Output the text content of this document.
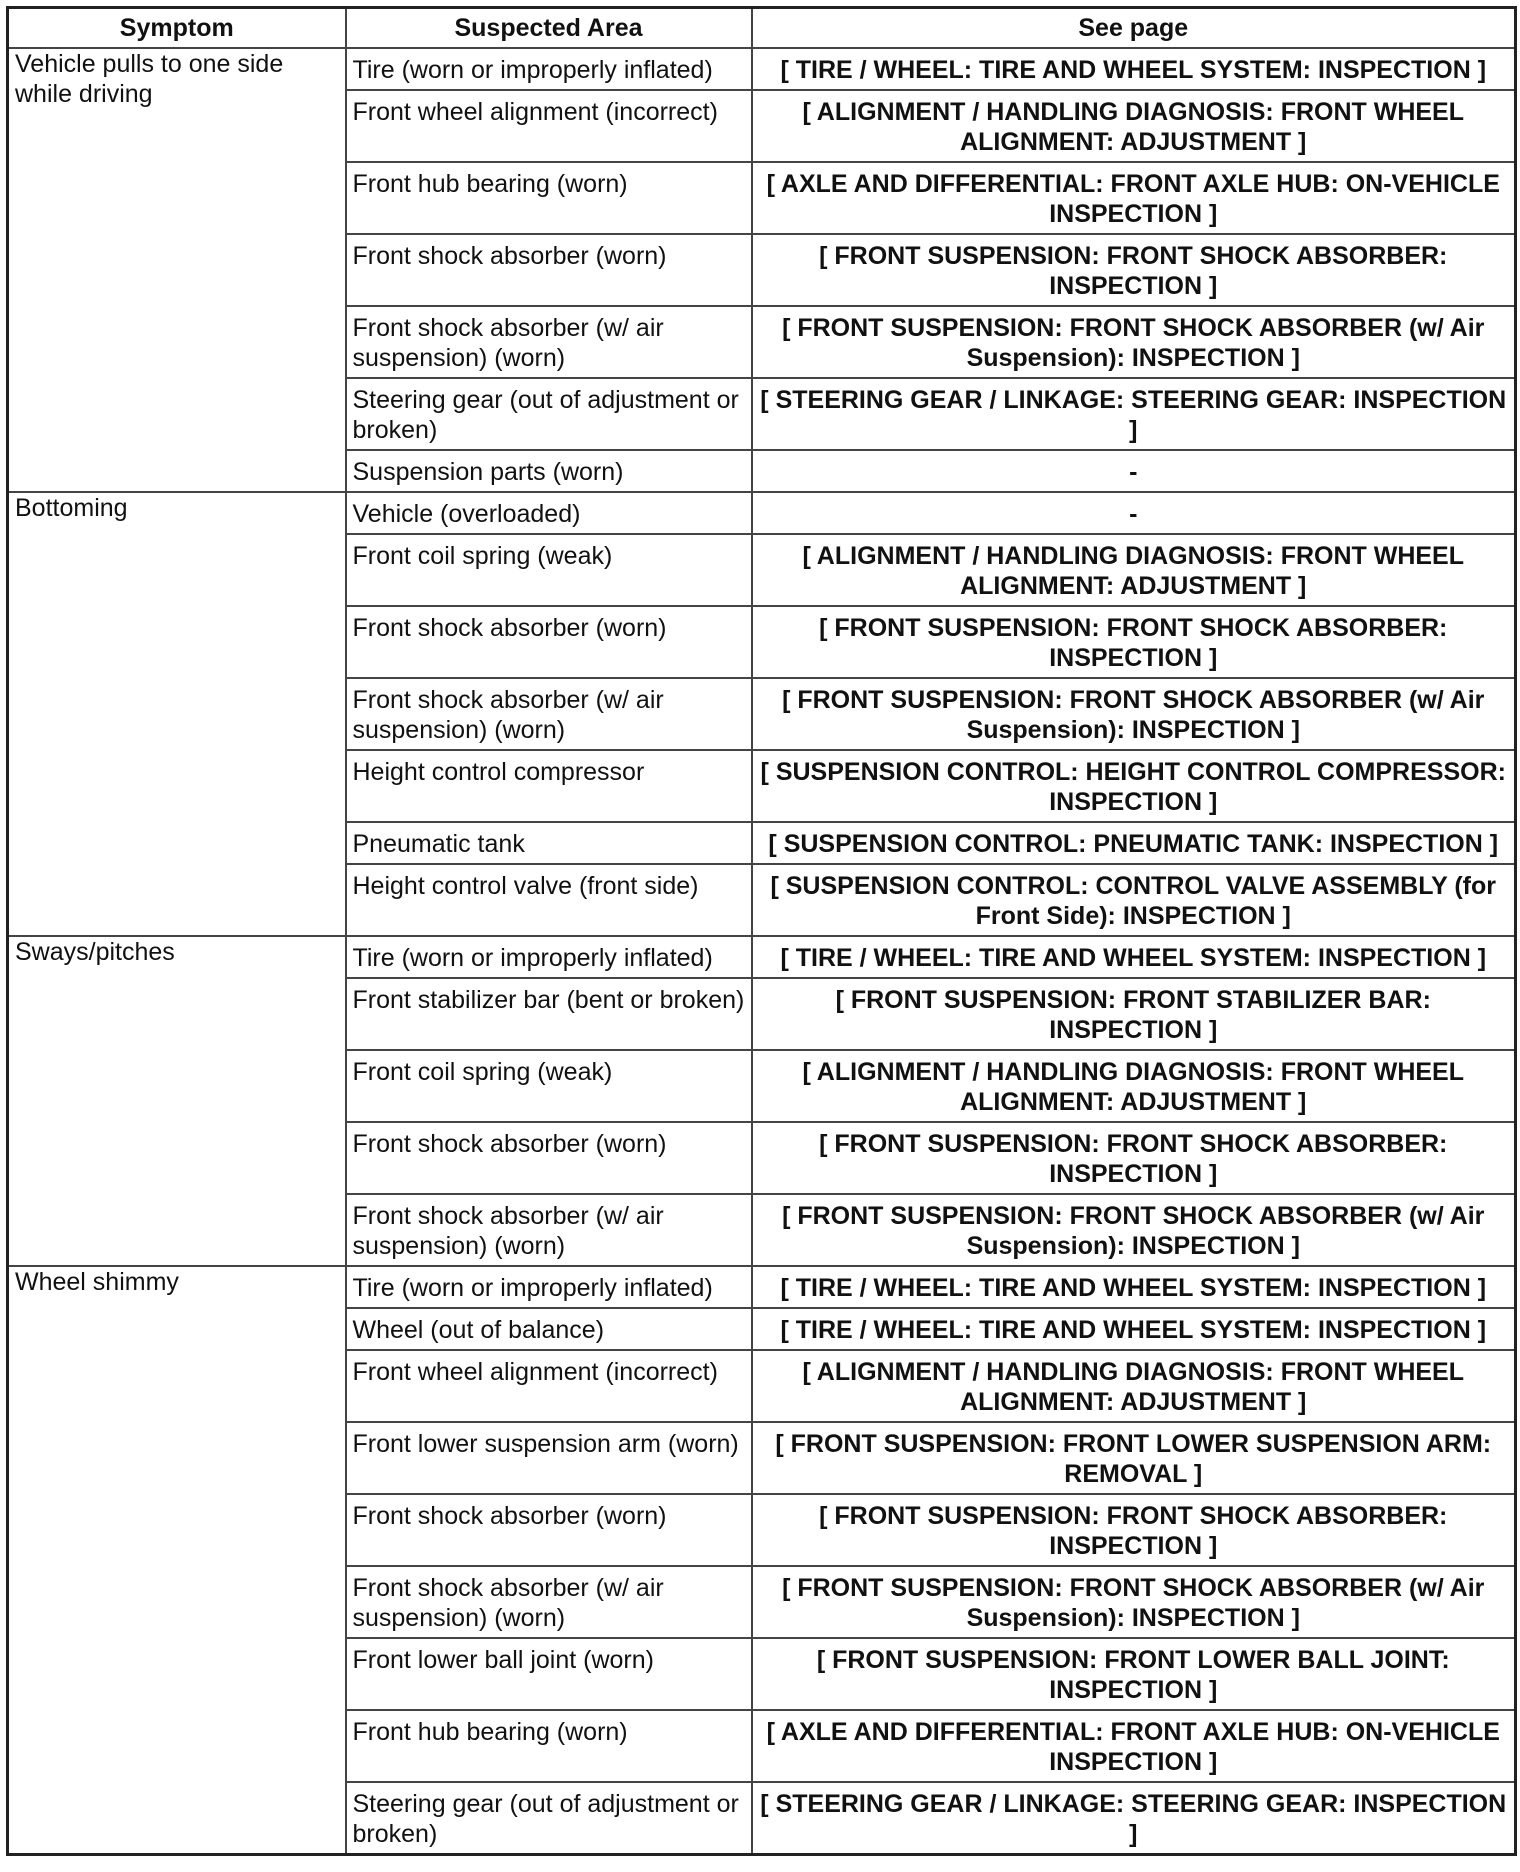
Symptom	Suspected Area	See page
Vehicle pulls to one side while driving	Tire (worn or improperly inflated)	[ TIRE / WHEEL: TIRE AND WHEEL SYSTEM: INSPECTION ]
	Front wheel alignment (incorrect)	[ ALIGNMENT / HANDLING DIAGNOSIS: FRONT WHEEL ALIGNMENT: ADJUSTMENT ]
	Front hub bearing (worn)	[ AXLE AND DIFFERENTIAL: FRONT AXLE HUB: ON-VEHICLE INSPECTION ]
	Front shock absorber (worn)	[ FRONT SUSPENSION: FRONT SHOCK ABSORBER: INSPECTION ]
	Front shock absorber (w/ air suspension) (worn)	[ FRONT SUSPENSION: FRONT SHOCK ABSORBER (w/ Air Suspension): INSPECTION ]
	Steering gear (out of adjustment or broken)	[ STEERING GEAR / LINKAGE: STEERING GEAR: INSPECTION ]
	Suspension parts (worn)	-
Bottoming	Vehicle (overloaded)	-
	Front coil spring (weak)	[ ALIGNMENT / HANDLING DIAGNOSIS: FRONT WHEEL ALIGNMENT: ADJUSTMENT ]
	Front shock absorber (worn)	[ FRONT SUSPENSION: FRONT SHOCK ABSORBER: INSPECTION ]
	Front shock absorber (w/ air suspension) (worn)	[ FRONT SUSPENSION: FRONT SHOCK ABSORBER (w/ Air Suspension): INSPECTION ]
	Height control compressor	[ SUSPENSION CONTROL: HEIGHT CONTROL COMPRESSOR: INSPECTION ]
	Pneumatic tank	[ SUSPENSION CONTROL: PNEUMATIC TANK: INSPECTION ]
	Height control valve (front side)	[ SUSPENSION CONTROL: CONTROL VALVE ASSEMBLY (for Front Side): INSPECTION ]
Sways/pitches	Tire (worn or improperly inflated)	[ TIRE / WHEEL: TIRE AND WHEEL SYSTEM: INSPECTION ]
	Front stabilizer bar (bent or broken)	[ FRONT SUSPENSION: FRONT STABILIZER BAR: INSPECTION ]
	Front coil spring (weak)	[ ALIGNMENT / HANDLING DIAGNOSIS: FRONT WHEEL ALIGNMENT: ADJUSTMENT ]
	Front shock absorber (worn)	[ FRONT SUSPENSION: FRONT SHOCK ABSORBER: INSPECTION ]
	Front shock absorber (w/ air suspension) (worn)	[ FRONT SUSPENSION: FRONT SHOCK ABSORBER (w/ Air Suspension): INSPECTION ]
Wheel shimmy	Tire (worn or improperly inflated)	[ TIRE / WHEEL: TIRE AND WHEEL SYSTEM: INSPECTION ]
	Wheel (out of balance)	[ TIRE / WHEEL: TIRE AND WHEEL SYSTEM: INSPECTION ]
	Front wheel alignment (incorrect)	[ ALIGNMENT / HANDLING DIAGNOSIS: FRONT WHEEL ALIGNMENT: ADJUSTMENT ]
	Front lower suspension arm (worn)	[ FRONT SUSPENSION: FRONT LOWER SUSPENSION ARM: REMOVAL ]
	Front shock absorber (worn)	[ FRONT SUSPENSION: FRONT SHOCK ABSORBER: INSPECTION ]
	Front shock absorber (w/ air suspension) (worn)	[ FRONT SUSPENSION: FRONT SHOCK ABSORBER (w/ Air Suspension): INSPECTION ]
	Front lower ball joint (worn)	[ FRONT SUSPENSION: FRONT LOWER BALL JOINT: INSPECTION ]
	Front hub bearing (worn)	[ AXLE AND DIFFERENTIAL: FRONT AXLE HUB: ON-VEHICLE INSPECTION ]
	Steering gear (out of adjustment or broken)	[ STEERING GEAR / LINKAGE: STEERING GEAR: INSPECTION ]
